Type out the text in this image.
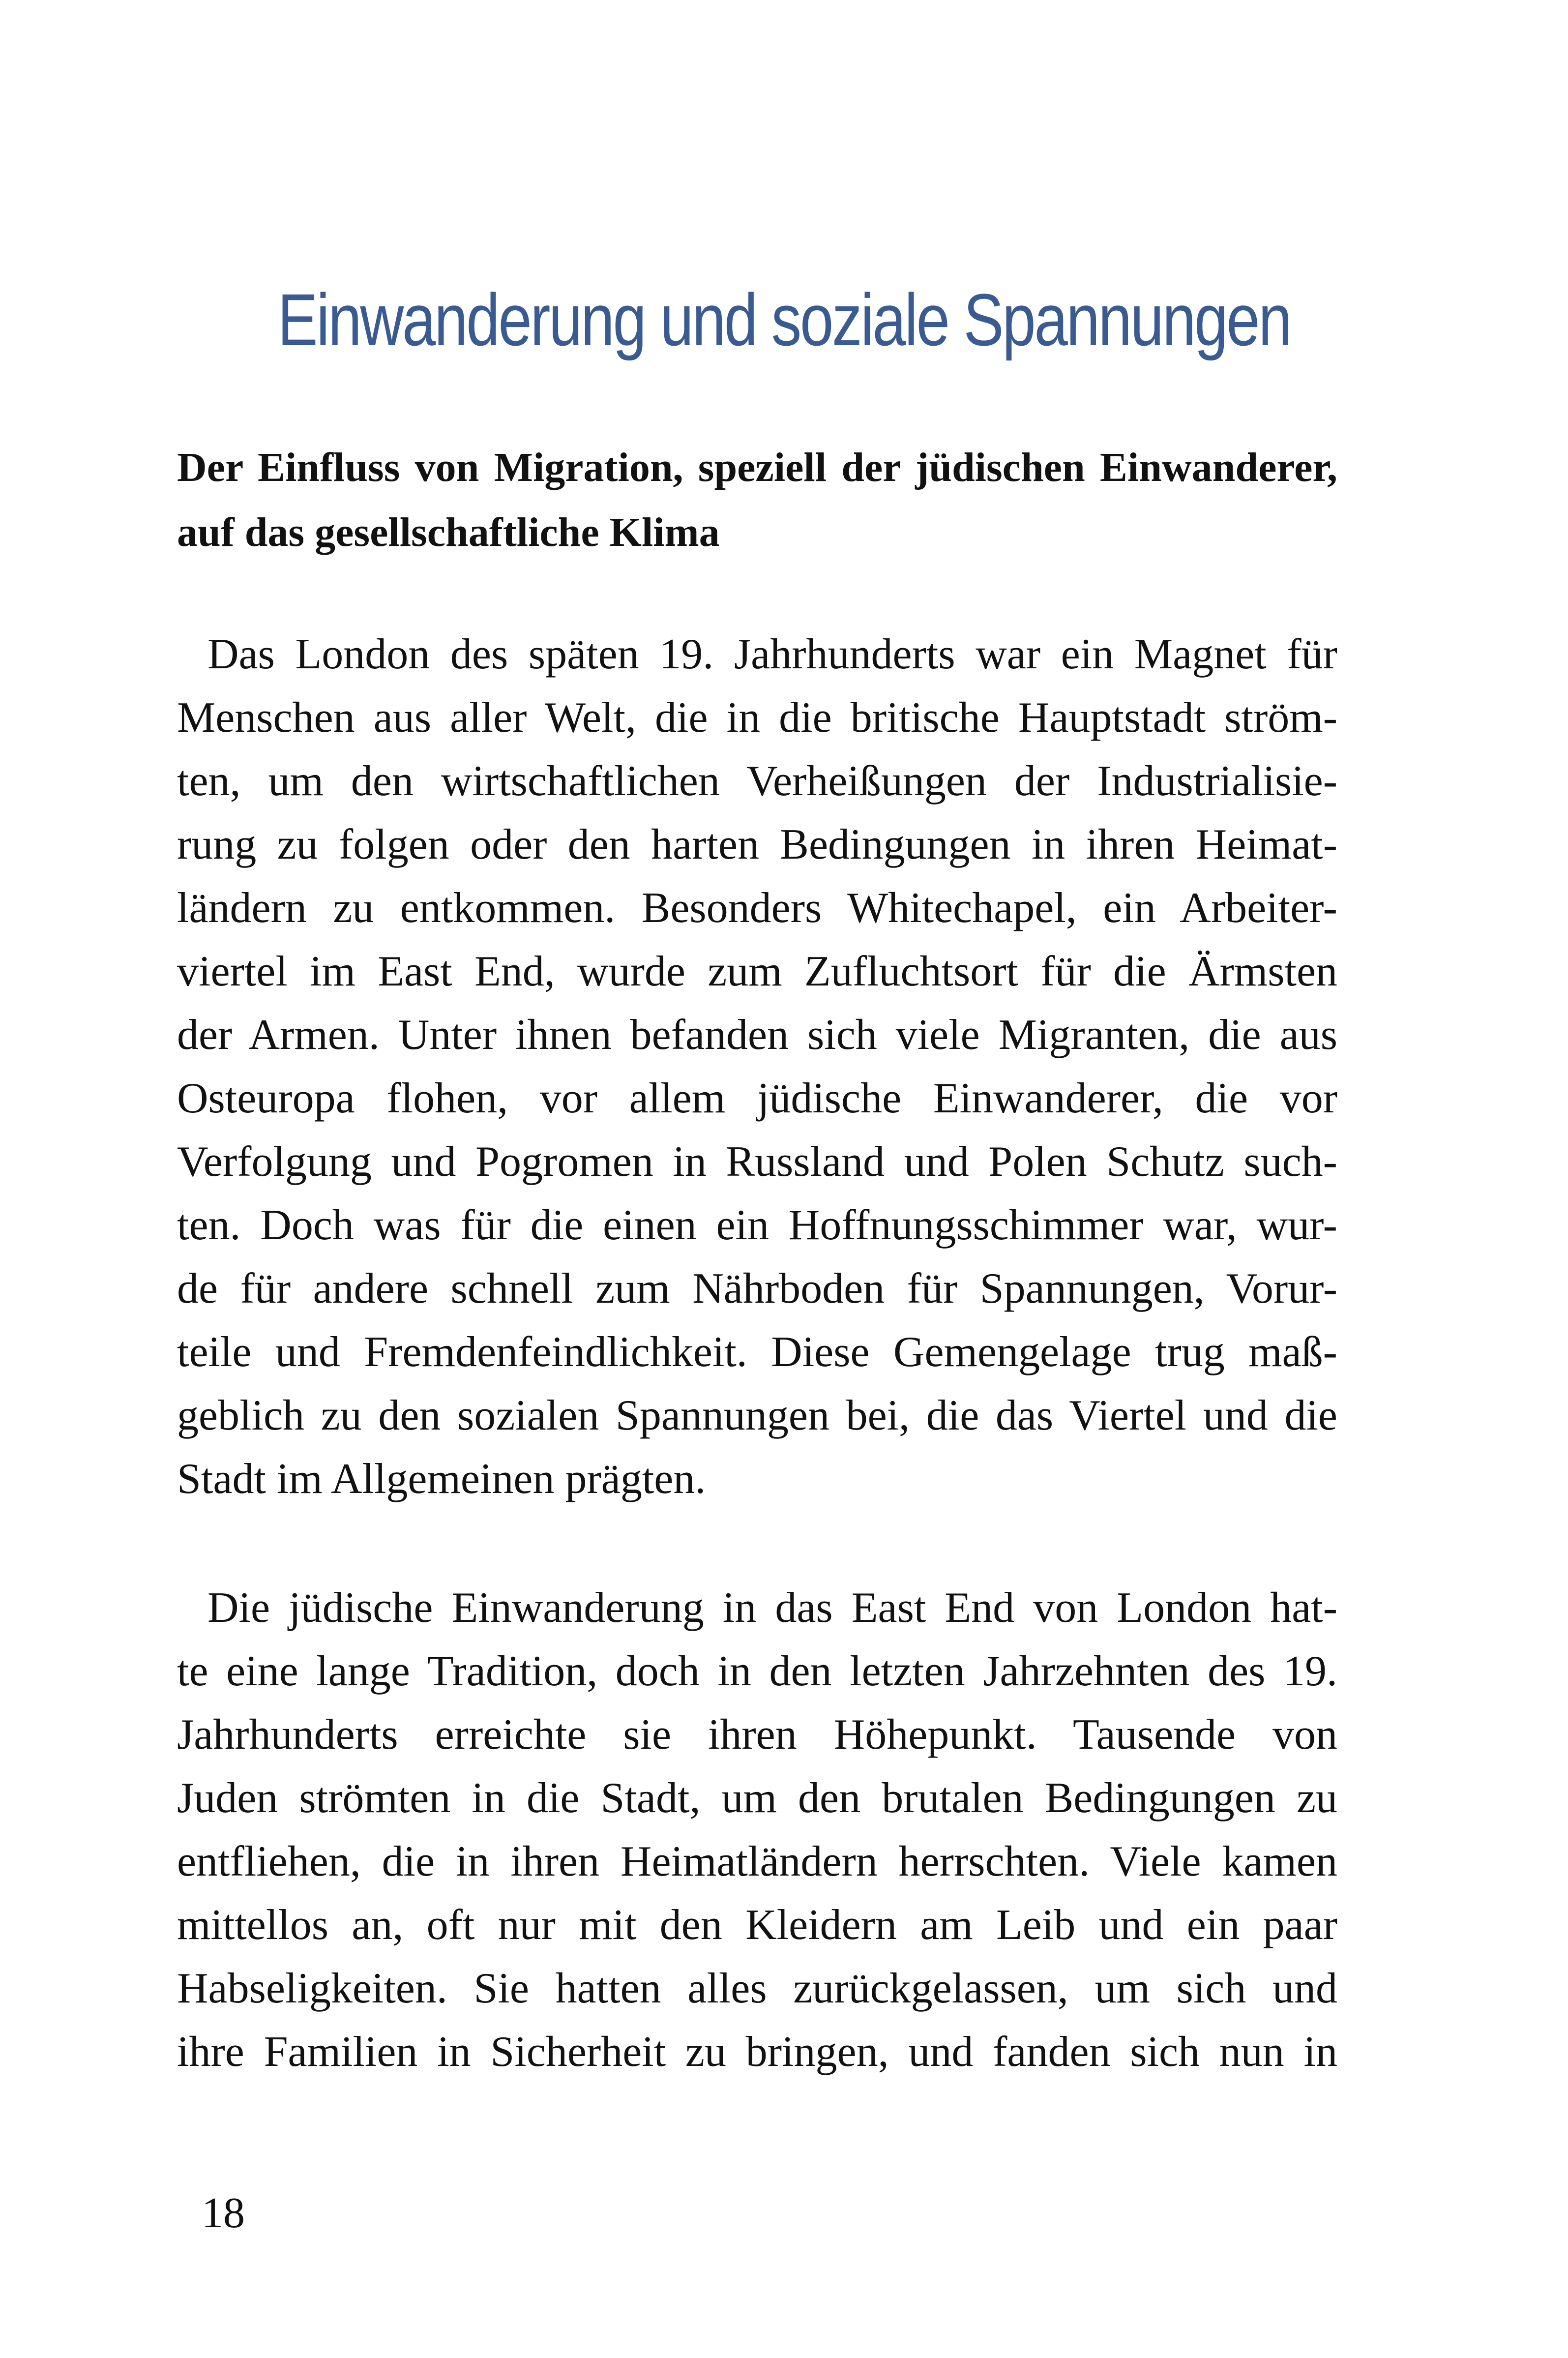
Einwanderung und soziale Spannungen

Der Einfluss von Migration, speziell der jüdischen Einwanderer, auf das gesellschaftliche Klima

Das London des späten 19. Jahrhunderts war ein Magnet für
Menschen aus aller Welt, die in die britische Hauptstadt ström-
ten, um den wirtschaftlichen Verheißungen der Industrialisie-
rung zu folgen oder den harten Bedingungen in ihren Heimat-
ländern zu entkommen. Besonders Whitechapel, ein Arbeiter-
viertel im East End, wurde zum Zufluchtsort für die Ärmsten
der Armen. Unter ihnen befanden sich viele Migranten, die aus
Osteuropa flohen, vor allem jüdische Einwanderer, die vor
Verfolgung und Pogromen in Russland und Polen Schutz such-
ten. Doch was für die einen ein Hoffnungsschimmer war, wur-
de für andere schnell zum Nährboden für Spannungen, Vorur-
teile und Fremdenfeindlichkeit. Diese Gemengelage trug maß-
geblich zu den sozialen Spannungen bei, die das Viertel und die
Stadt im Allgemeinen prägten.

Die jüdische Einwanderung in das East End von London hat-
te eine lange Tradition, doch in den letzten Jahrzehnten des 19.
Jahrhunderts erreichte sie ihren Höhepunkt. Tausende von
Juden strömten in die Stadt, um den brutalen Bedingungen zu
entfliehen, die in ihren Heimatländern herrschten. Viele kamen
mittellos an, oft nur mit den Kleidern am Leib und ein paar
Habseligkeiten. Sie hatten alles zurückgelassen, um sich und
ihre Familien in Sicherheit zu bringen, und fanden sich nun in

18
